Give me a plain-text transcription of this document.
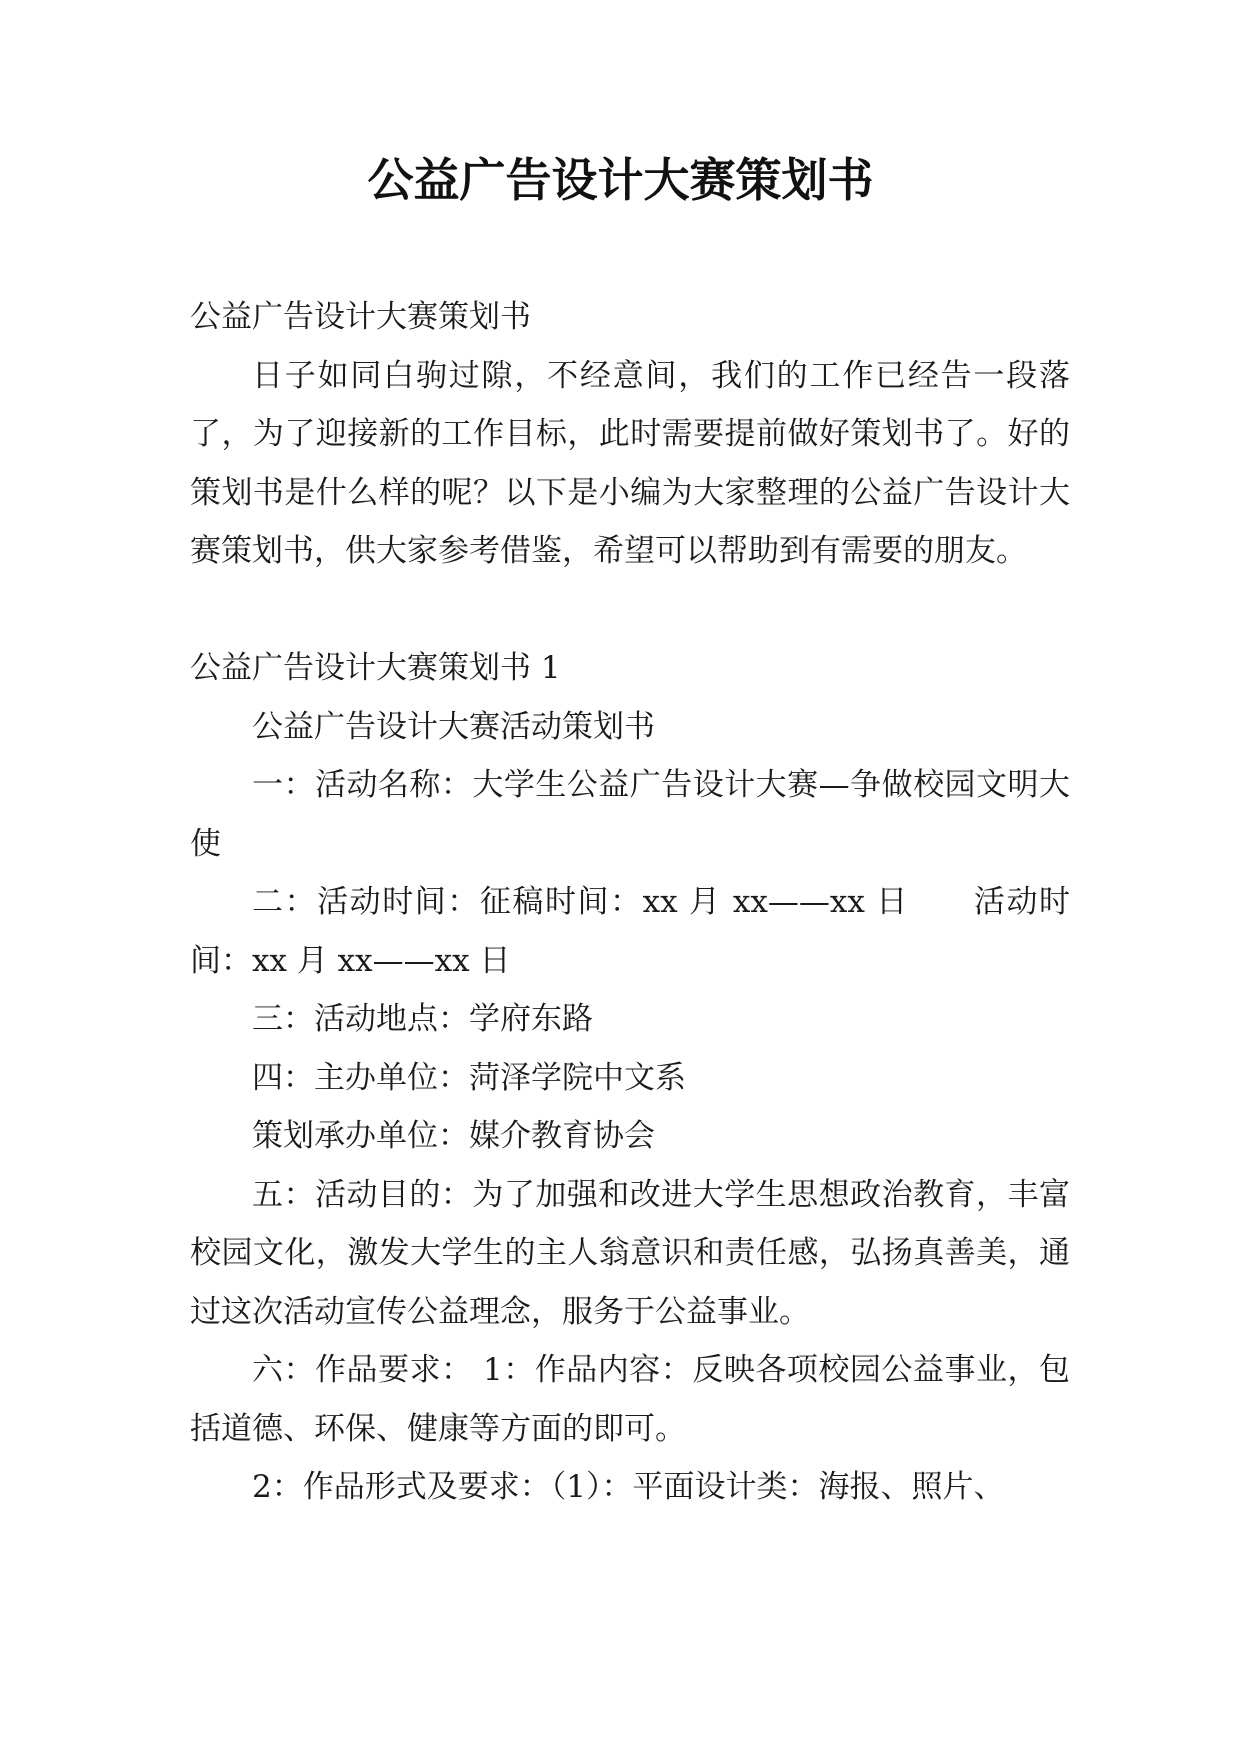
公益广告设计大赛策划书

公益广告设计大赛策划书

日子如同白驹过隙，不经意间，我们的工作已经告一段落了，为了迎接新的工作目标，此时需要提前做好策划书了。好的策划书是什么样的呢？以下是小编为大家整理的公益广告设计大赛策划书，供大家参考借鉴，希望可以帮助到有需要的朋友。

公益广告设计大赛策划书 1

公益广告设计大赛活动策划书

一：活动名称：大学生公益广告设计大赛—争做校园文明大使

二：活动时间：征稿时间：xx 月 xx——xx 日　　活动时间：xx 月 xx——xx 日

三：活动地点：学府东路

四：主办单位：菏泽学院中文系

策划承办单位：媒介教育协会

五：活动目的：为了加强和改进大学生思想政治教育，丰富校园文化，激发大学生的主人翁意识和责任感，弘扬真善美，通过这次活动宣传公益理念，服务于公益事业。

六：作品要求： 1：作品内容：反映各项校园公益事业，包括道德、环保、健康等方面的即可。

2：作品形式及要求：（1）：平面设计类：海报、照片、
